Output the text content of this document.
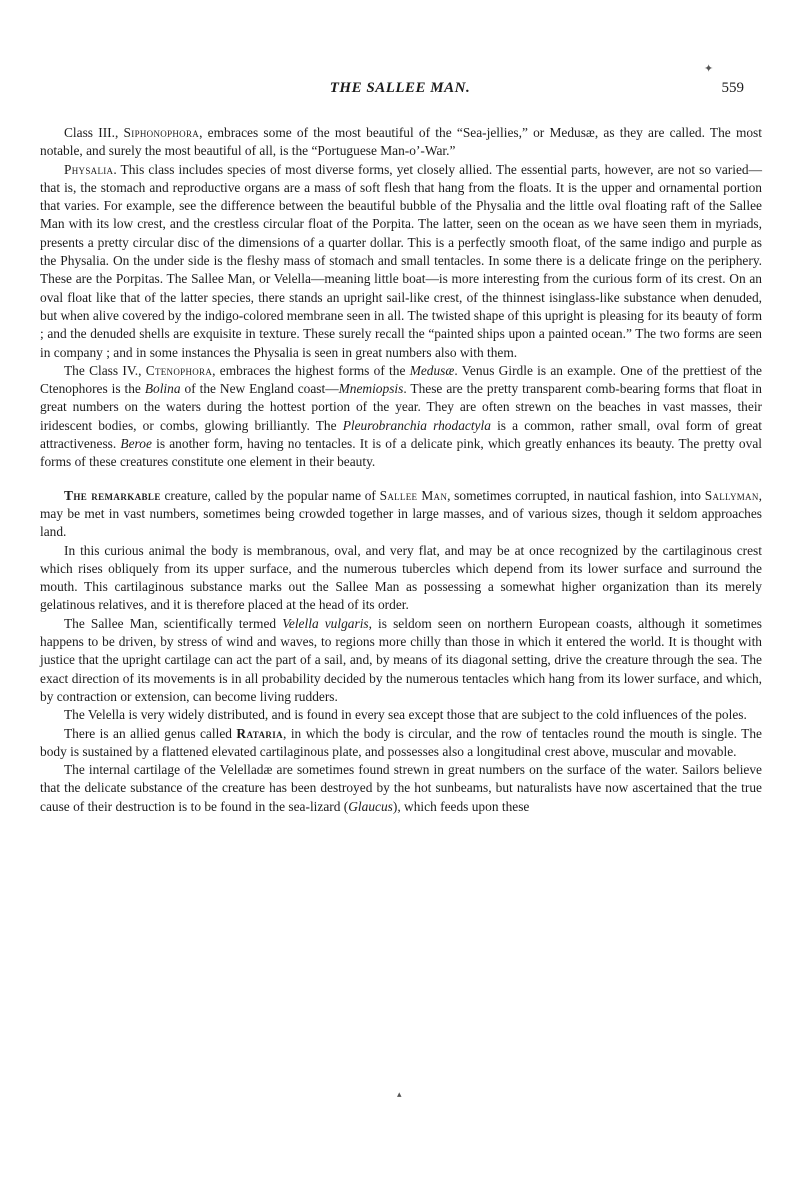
✦
THE SALLEE MAN.	559

Class III., Siphonophora, embraces some of the most beautiful of the “Sea-jellies,” or Medusæ, as they are called. The most notable, and surely the most beautiful of all, is the “Portuguese Man-o’-War.”

Physalia. This class includes species of most diverse forms, yet closely allied. The essential parts, however, are not so varied—that is, the stomach and reproductive organs are a mass of soft flesh that hang from the floats. It is the upper and ornamental portion that varies. For example, see the difference between the beautiful bubble of the Physalia and the little oval floating raft of the Sallee Man with its low crest, and the crestless circular float of the Porpita. The latter, seen on the ocean as we have seen them in myriads, presents a pretty circular disc of the dimensions of a quarter dollar. This is a perfectly smooth float, of the same indigo and purple as the Physalia. On the under side is the fleshy mass of stomach and small tentacles. In some there is a delicate fringe on the periphery. These are the Porpitas. The Sallee Man, or Velella—meaning little boat—is more interesting from the curious form of its crest. On an oval float like that of the latter species, there stands an upright sail-like crest, of the thinnest isinglass-like substance when denuded, but when alive covered by the indigo-colored membrane seen in all. The twisted shape of this upright is pleasing for its beauty of form ; and the denuded shells are exquisite in texture. These surely recall the “painted ships upon a painted ocean.” The two forms are seen in company ; and in some instances the Physalia is seen in great numbers also with them.

The Class IV., Ctenophora, embraces the highest forms of the Medusæ. Venus Girdle is an example. One of the prettiest of the Ctenophores is the Bolina of the New England coast—Mnemiopsis. These are the pretty transparent comb-bearing forms that float in great numbers on the waters during the hottest portion of the year. They are often strewn on the beaches in vast masses, their iridescent bodies, or combs, glowing brilliantly. The Pleurobranchia rhodactyla is a common, rather small, oval form of great attractiveness. Beroe is another form, having no tentacles. It is of a delicate pink, which greatly enhances its beauty. The pretty oval forms of these creatures constitute one element in their beauty.

The remarkable creature, called by the popular name of Sallee Man, sometimes corrupted, in nautical fashion, into Sallyman, may be met in vast numbers, sometimes being crowded together in large masses, and of various sizes, though it seldom approaches land.

In this curious animal the body is membranous, oval, and very flat, and may be at once recognized by the cartilaginous crest which rises obliquely from its upper surface, and the numerous tubercles which depend from its lower surface and surround the mouth. This cartilaginous substance marks out the Sallee Man as possessing a somewhat higher organization than its merely gelatinous relatives, and it is therefore placed at the head of its order.

The Sallee Man, scientifically termed Velella vulgaris, is seldom seen on northern European coasts, although it sometimes happens to be driven, by stress of wind and waves, to regions more chilly than those in which it entered the world. It is thought with justice that the upright cartilage can act the part of a sail, and, by means of its diagonal setting, drive the creature through the sea. The exact direction of its movements is in all probability decided by the numerous tentacles which hang from its lower surface, and which, by contraction or extension, can become living rudders.

The Velella is very widely distributed, and is found in every sea except those that are subject to the cold influences of the poles.

There is an allied genus called Rataria, in which the body is circular, and the row of tentacles round the mouth is single. The body is sustained by a flattened elevated cartilaginous plate, and possesses also a longitudinal crest above, muscular and movable.

The internal cartilage of the Velelladæ are sometimes found strewn in great numbers on the surface of the water. Sailors believe that the delicate substance of the creature has been destroyed by the hot sunbeams, but naturalists have now ascertained that the true cause of their destruction is to be found in the sea-lizard (Glaucus), which feeds upon these

▴
